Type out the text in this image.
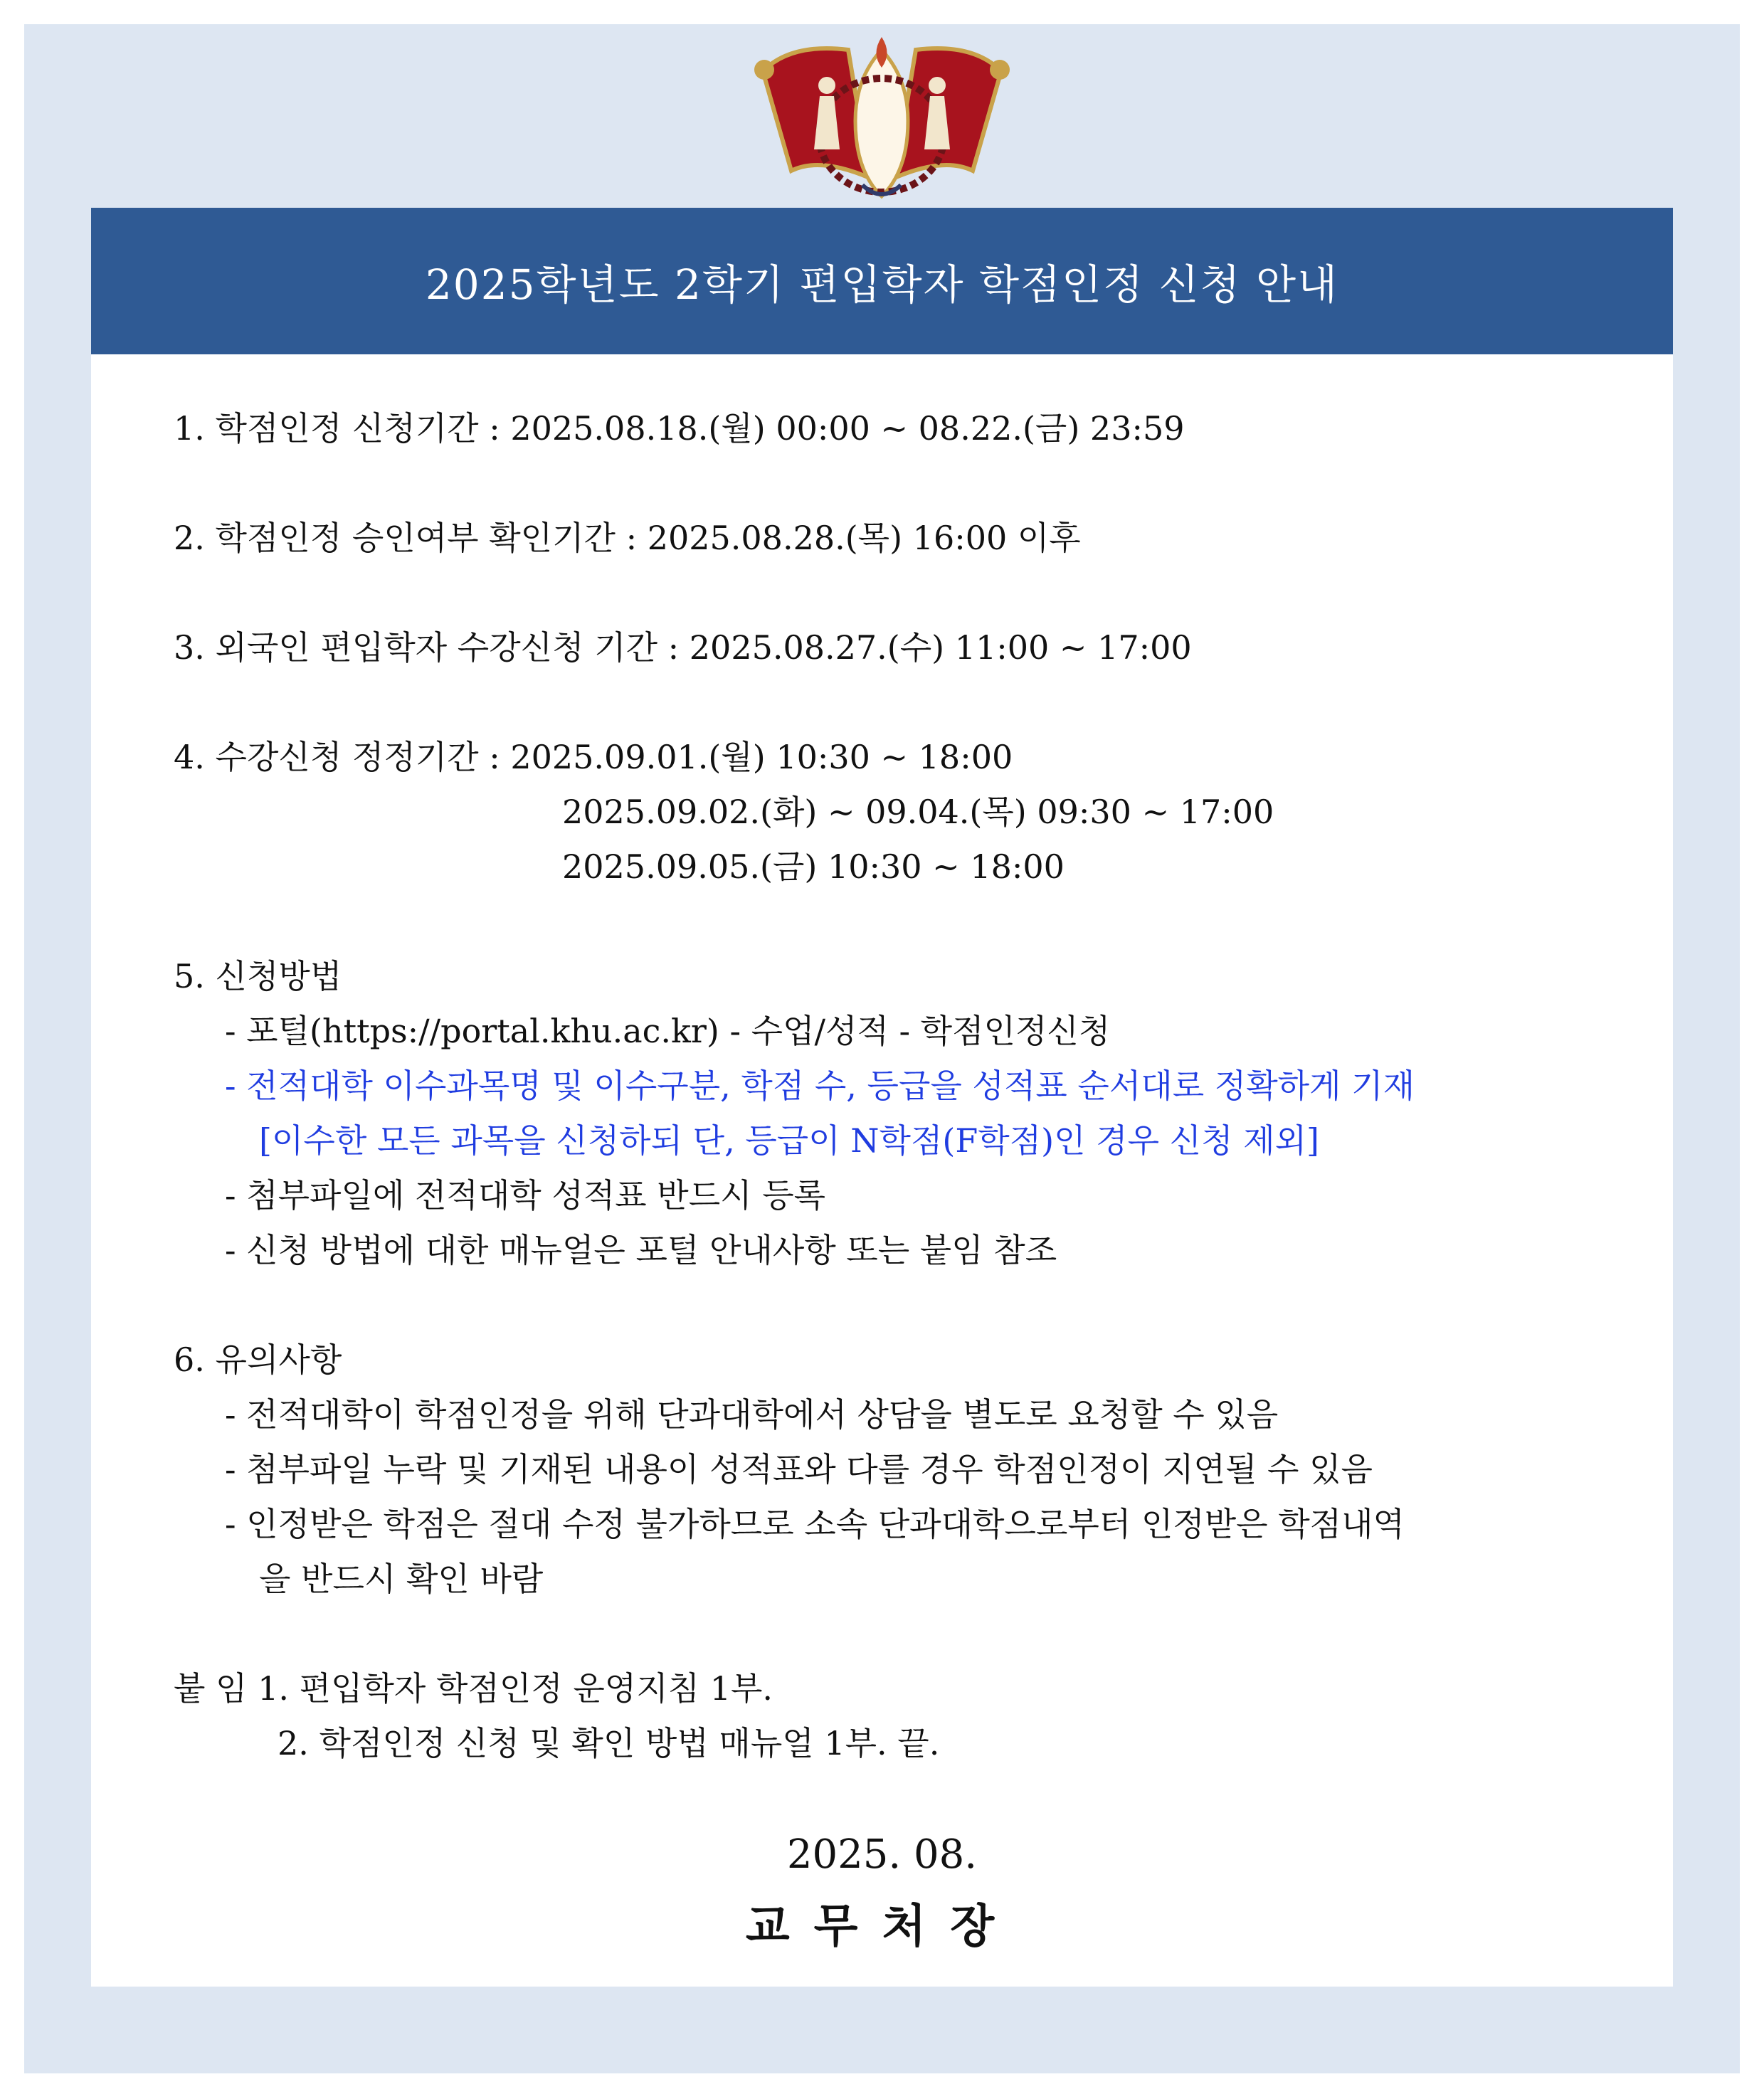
2025학년도 2학기 편입학자 학점인정 신청 안내
1. 학점인정 신청기간 : 2025.08.18.(월) 00:00 ~ 08.22.(금) 23:59
2. 학점인정 승인여부 확인기간 : 2025.08.28.(목) 16:00 이후
3. 외국인 편입학자 수강신청 기간 : 2025.08.27.(수) 11:00 ~ 17:00
4. 수강신청 정정기간 : 2025.09.01.(월) 10:30 ~ 18:00
2025.09.02.(화) ~ 09.04.(목) 09:30 ~ 17:00
2025.09.05.(금) 10:30 ~ 18:00
5. 신청방법
- 포털(https://portal.khu.ac.kr) - 수업/성적 - 학점인정신청
- 전적대학 이수과목명 및 이수구분, 학점 수, 등급을 성적표 순서대로 정확하게 기재
[이수한 모든 과목을 신청하되 단, 등급이 N학점(F학점)인 경우 신청 제외]
- 첨부파일에 전적대학 성적표 반드시 등록
- 신청 방법에 대한 매뉴얼은 포털 안내사항 또는 붙임 참조
6. 유의사항
- 전적대학이 학점인정을 위해 단과대학에서 상담을 별도로 요청할 수 있음
- 첨부파일 누락 및 기재된 내용이 성적표와 다를 경우 학점인정이 지연될 수 있음
- 인정받은 학점은 절대 수정 불가하므로 소속 단과대학으로부터 인정받은 학점내역
을 반드시 확인 바람
붙 임 1. 편입학자 학점인정 운영지침 1부.
2. 학점인정 신청 및 확인 방법 매뉴얼 1부. 끝.
2025. 08.
교무처장
